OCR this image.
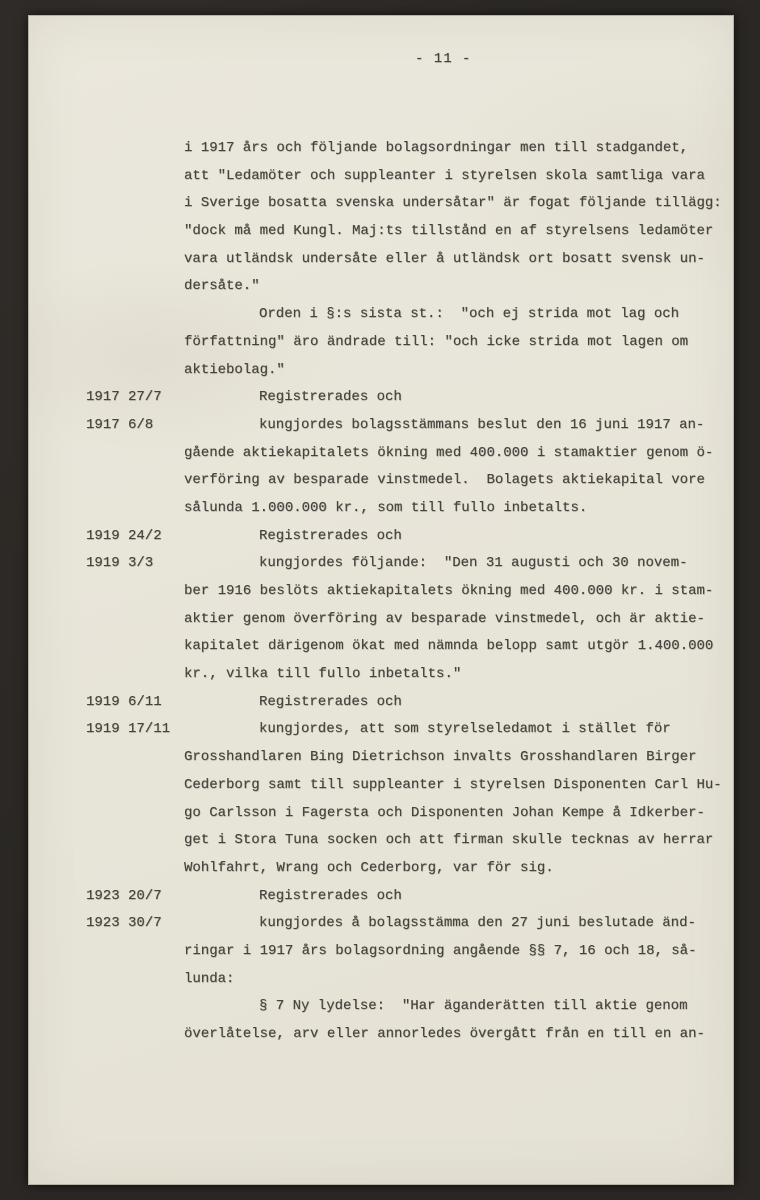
- 11 -
i 1917 års och följande bolagsordningar men till stadgandet,
att "Ledamöter och suppleanter i styrelsen skola samtliga vara
i Sverige bosatta svenska undersåtar" är fogat följande tillägg:
"dock må med Kungl. Maj:ts tillstånd en af styrelsens ledamöter
vara utländsk undersåte eller å utländsk ort bosatt svensk un-
dersåte."
Orden i §:s sista st.:  "och ej strida mot lag och
författning" äro ändrade till: "och icke strida mot lagen om
aktiebolag."
1917 27/7	Registrerades och
1917 6/8	kungjordes bolagsstämmans beslut den 16 juni 1917 an-
gående aktiekapitalets ökning med 400.000 i stamaktier genom ö-
verföring av besparade vinstmedel.  Bolagets aktiekapital vore
sålunda 1.000.000 kr., som till fullo inbetalts.
1919 24/2	Registrerades och
1919 3/3	kungjordes följande:  "Den 31 augusti och 30 novem-
ber 1916 beslöts aktiekapitalets ökning med 400.000 kr. i stam-
aktier genom överföring av besparade vinstmedel, och är aktie-
kapitalet därigenom ökat med nämnda belopp samt utgör 1.400.000
kr., vilka till fullo inbetalts."
1919 6/11	Registrerades och
1919 17/11	kungjordes, att som styrelseledamot i stället för
Grosshandlaren Bing Dietrichson invalts Grosshandlaren Birger
Cederborg samt till suppleanter i styrelsen Disponenten Carl Hu-
go Carlsson i Fagersta och Disponenten Johan Kempe å Idkerber-
get i Stora Tuna socken och att firman skulle tecknas av herrar
Wohlfahrt, Wrang och Cederborg, var för sig.
1923 20/7	Registrerades och
1923 30/7	kungjordes å bolagsstämma den 27 juni beslutade änd-
ringar i 1917 års bolagsordning angående §§ 7, 16 och 18, så-
lunda:
§ 7 Ny lydelse:  "Har äganderätten till aktie genom
överlåtelse, arv eller annorledes övergått från en till en an-
